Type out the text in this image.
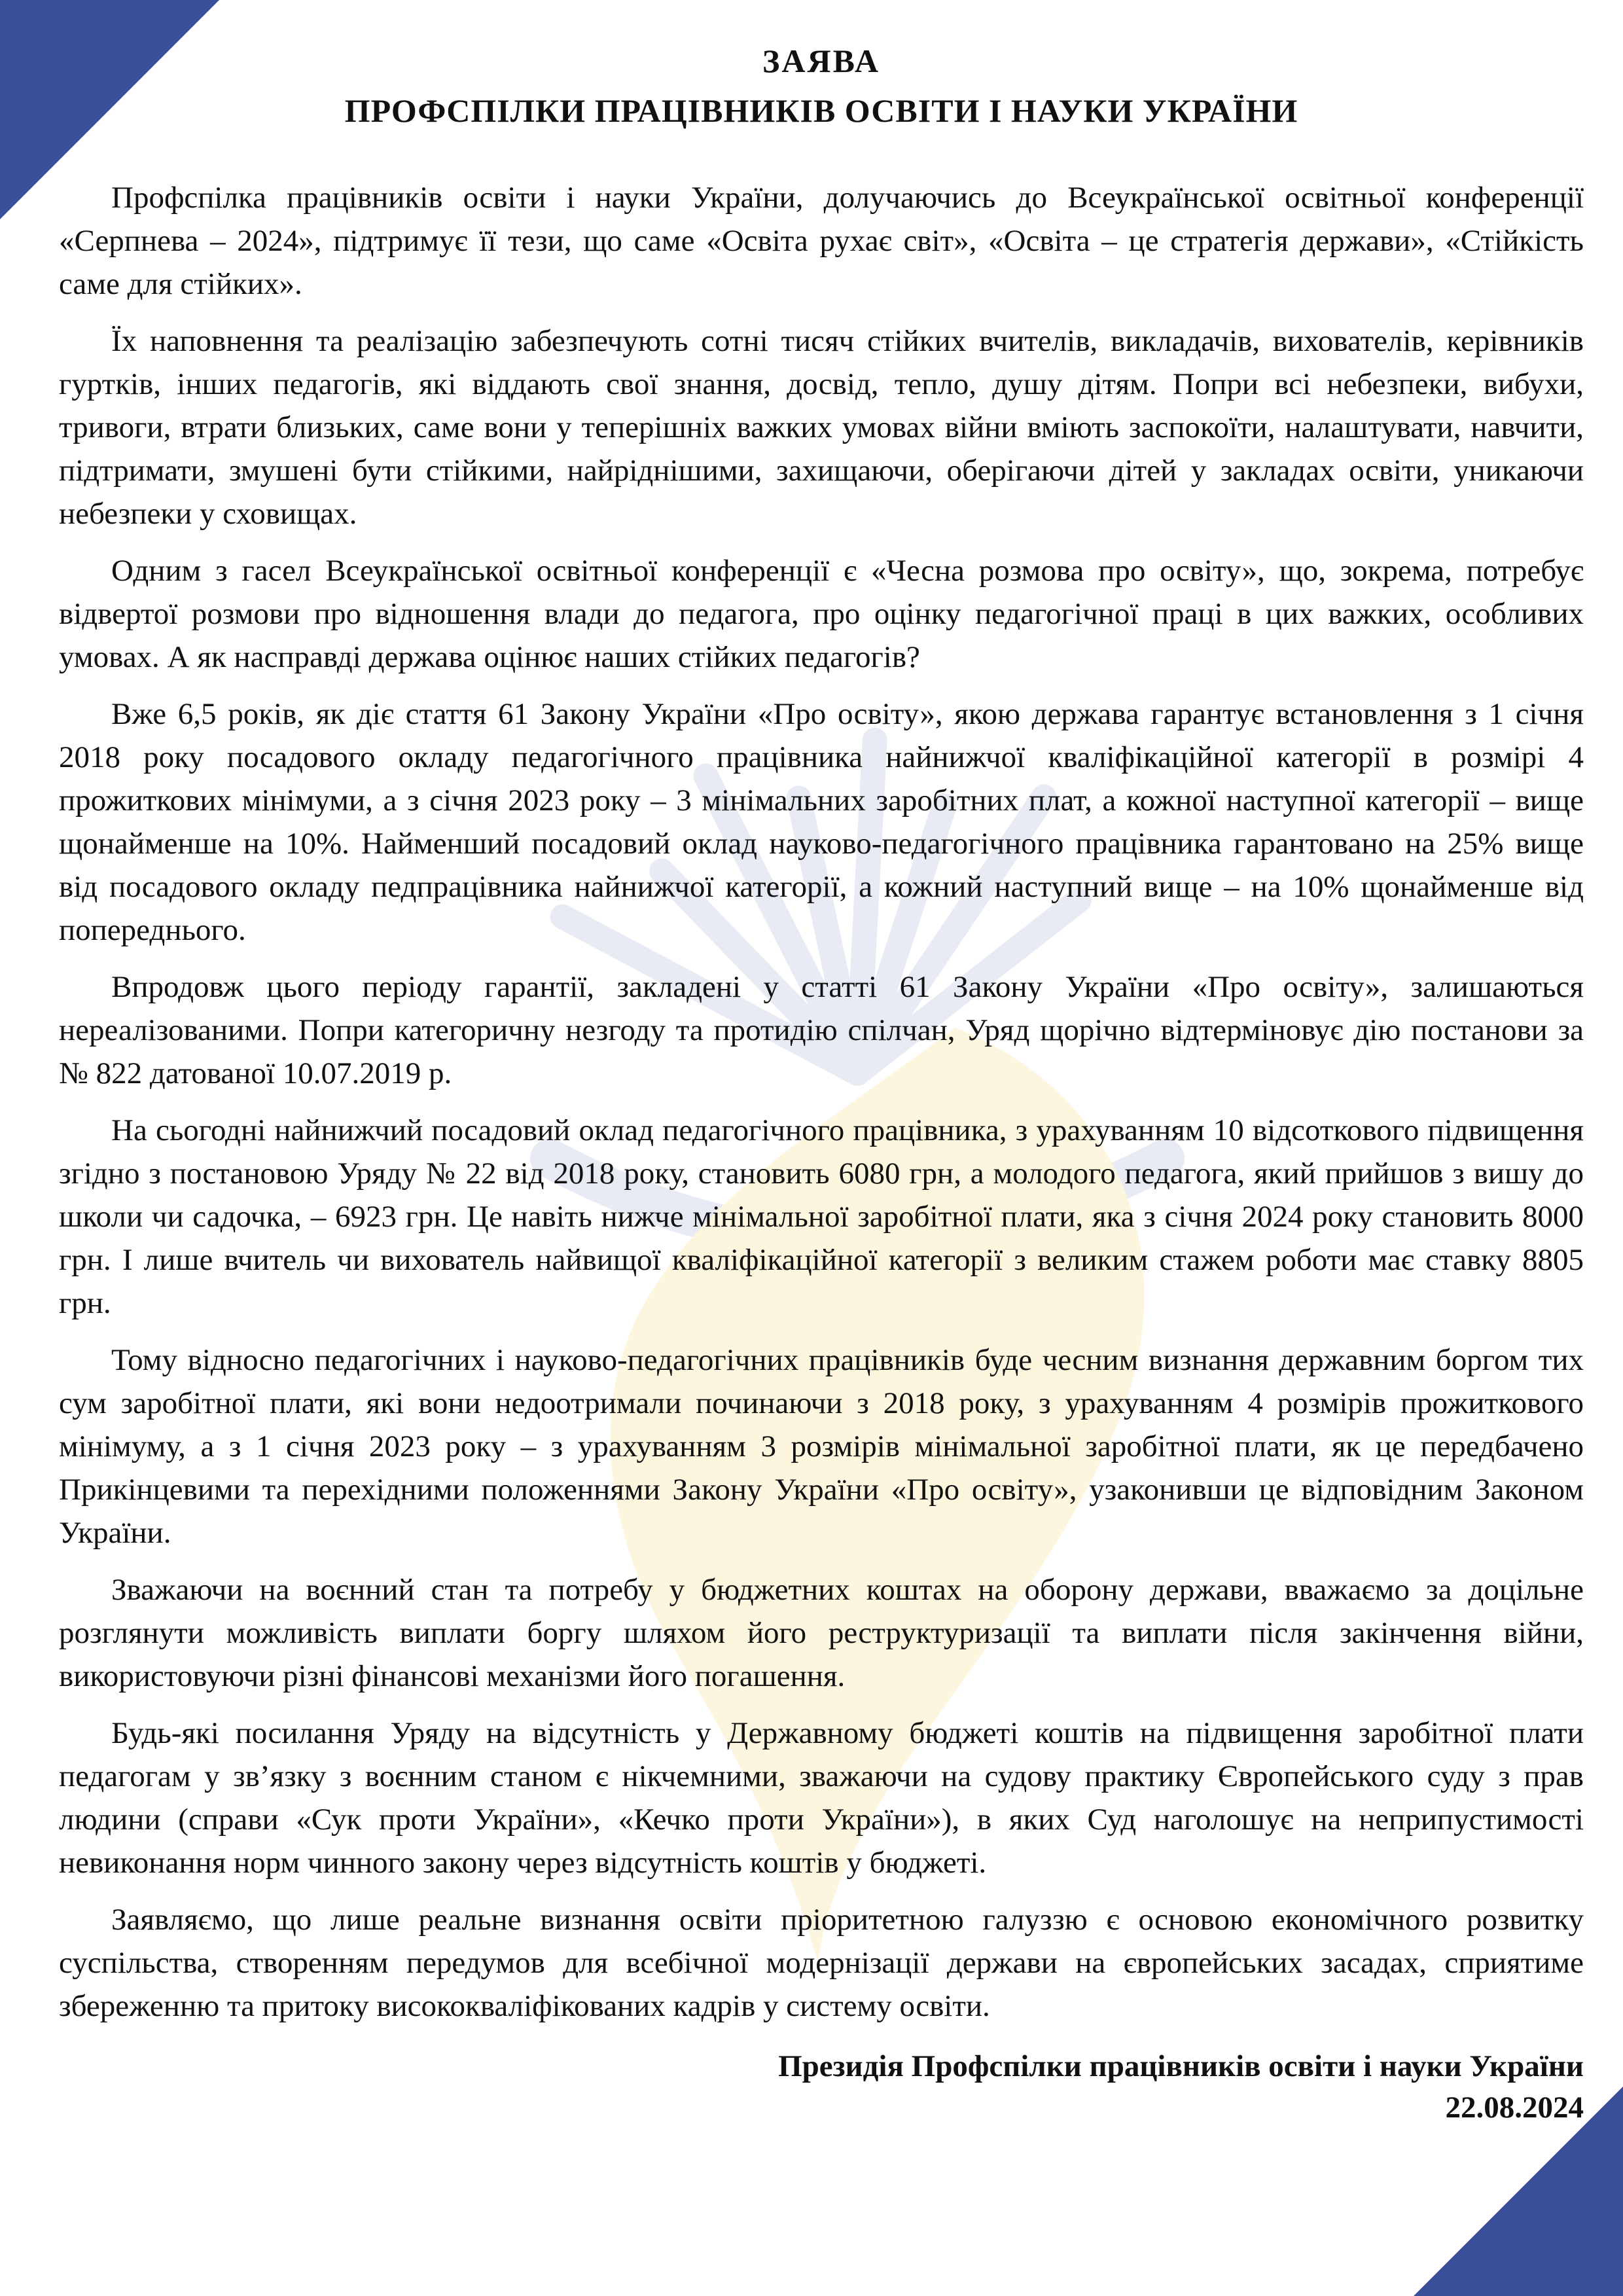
ЗАЯВА
ПРОФСПІЛКИ ПРАЦІВНИКІВ ОСВІТИ І НАУКИ УКРАЇНИ

Профспілка працівників освіти і науки України, долучаючись до Всеукраїнської освітньої конференції «Серпнева – 2024», підтримує її тези, що саме «Освіта рухає світ», «Освіта – це стратегія держави», «Стійкість саме для стійких».

Їх наповнення та реалізацію забезпечують сотні тисяч стійких вчителів, викладачів, вихователів, керівників гуртків, інших педагогів, які віддають свої знання, досвід, тепло, душу дітям. Попри всі небезпеки, вибухи, тривоги, втрати близьких, саме вони у теперішніх важких умовах війни вміють заспокоїти, налаштувати, навчити, підтримати, змушені бути стійкими, найріднішими, захищаючи, оберігаючи дітей у закладах освіти, уникаючи небезпеки у сховищах.

Одним з гасел Всеукраїнської освітньої конференції є «Чесна розмова про освіту», що, зокрема, потребує відвертої розмови про відношення влади до педагога, про оцінку педагогічної праці в цих важких, особливих умовах. А як насправді держава оцінює наших стійких педагогів?

Вже 6,5 років, як діє стаття 61 Закону України «Про освіту», якою держава гарантує встановлення з 1 січня 2018 року посадового окладу педагогічного працівника найнижчої кваліфікаційної категорії в розмірі 4 прожиткових мінімуми, а з січня 2023 року – 3 мінімальних заробітних плат, а кожної наступної категорії – вище щонайменше на 10%. Найменший посадовий оклад науково-педагогічного працівника гарантовано на 25% вище від посадового окладу педпрацiвника найнижчої категорії, а кожний наступний вище – на 10% щонайменше від попереднього.

Впродовж цього періоду гарантії, закладені у статті 61 Закону України «Про освіту», залишаються нереалізованими. Попри категоричну незгоду та протидію спілчан, Уряд щорічно відтерміновує дію постанови за № 822 датованої 10.07.2019 р.

На сьогодні найнижчий посадовий оклад педагогічного працівника, з урахуванням 10 відсоткового підвищення згідно з постановою Уряду № 22 від 2018 року, становить 6080 грн, а молодого педагога, який прийшов з вишу до школи чи садочка, – 6923 грн. Це навіть нижче мінімальної заробітної плати, яка з січня 2024 року становить 8000 грн. І лише вчитель чи вихователь найвищої кваліфікаційної категорії з великим стажем роботи має ставку 8805 грн.

Тому відносно педагогічних і науково-педагогічних працівників буде чесним визнання державним боргом тих сум заробітної плати, які вони недоотримали починаючи з 2018 року, з урахуванням 4 розмірів прожиткового мінімуму, а з 1 січня 2023 року – з урахуванням 3 розмірів мінімальної заробітної плати, як це передбачено Прикінцевими та перехідними положеннями Закону України «Про освіту», узаконивши це відповідним Законом України.

Зважаючи на воєнний стан та потребу у бюджетних коштах на оборону держави, вважаємо за доцільне розглянути можливість виплати боргу шляхом його реструктуризації та виплати після закінчення війни, використовуючи різні фінансові механізми його погашення.

Будь-які посилання Уряду на відсутність у Державному бюджеті коштів на підвищення заробітної плати педагогам у зв’язку з воєнним станом є нікчемними, зважаючи на судову практику Європейського суду з прав людини (справи «Сук проти України», «Кечко проти України»), в яких Суд наголошує на неприпустимості невиконання норм чинного закону через відсутність коштів у бюджеті.

Заявляємо, що лише реальне визнання освіти пріоритетною галуззю є основою економічного розвитку суспільства, створенням передумов для всебічної модернізації держави на європейських засадах, сприятиме збереженню та притоку висококваліфікованих кадрів у систему освіти.

Президія Профспілки працівників освіти і науки України
22.08.2024
